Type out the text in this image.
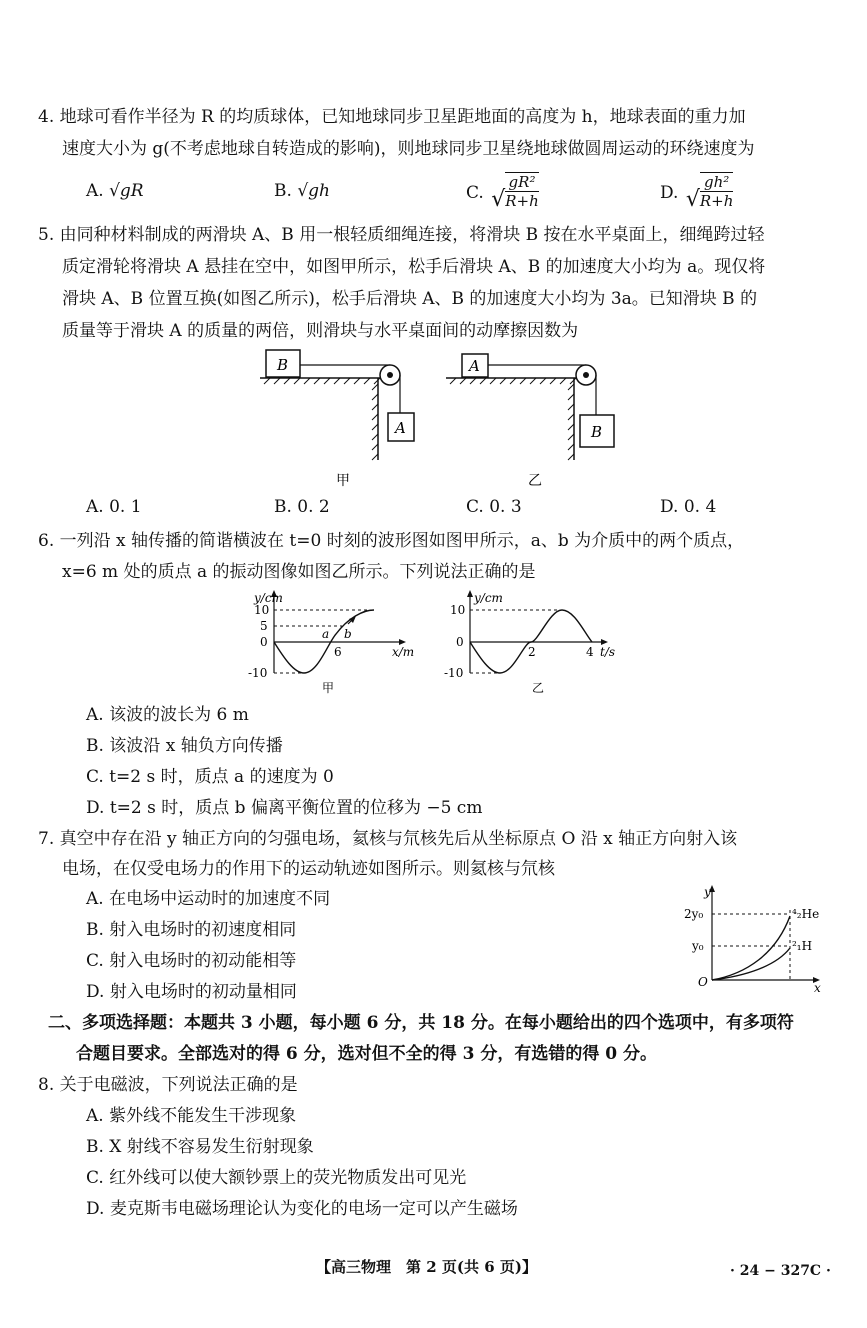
4. 地球可看作半径为 R 的均质球体，已知地球同步卫星距地面的高度为 h，地球表面的重力加
速度大小为 g(不考虑地球自转造成的影响)，则地球同步卫星绕地球做圆周运动的环绕速度为
A. √gR	B. √gh	C. √ $\frac{\text{gR²}}{R+h}$	D. √ $\frac{\text{gh²}}{R+h}$
5. 由同种材料制成的两滑块 A、B 用一根轻质细绳连接，将滑块 B 按在水平桌面上，细绳跨过轻
质定滑轮将滑块 A 悬挂在空中，如图甲所示，松手后滑块 A、B 的加速度大小均为 a。现仅将
滑块 A、B 位置互换(如图乙所示)，松手后滑块 A、B 的加速度大小均为 3a。已知滑块 B 的
质量等于滑块 A 的质量的两倍，则滑块与水平桌面间的动摩擦因数为
B
A
甲
A
B
乙
A. 0. 1	B. 0. 2	C. 0. 3	D. 0. 4
6. 一列沿 x 轴传播的简谐横波在 t=0 时刻的波形图如图甲所示，a、b 为介质中的两个质点，
x=6 m 处的质点 a 的振动图像如图乙所示。下列说法正确的是
y/cm
10
5
0
-10
6
a b
x/m
甲
y/cm
10
0
-10
2	4 t/s
乙
A. 该波的波长为 6 m
B. 该波沿 x 轴负方向传播
C. t=2 s 时，质点 a 的速度为 0
D. t=2 s 时，质点 b 偏离平衡位置的位移为 −5 cm
7. 真空中存在沿 y 轴正方向的匀强电场，氦核与氘核先后从坐标原点 O 沿 x 轴正方向射入该
电场，在仅受电场力的作用下的运动轨迹如图所示。则氦核与氘核
A. 在电场中运动时的加速度不同
B. 射入电场时的初速度相同
C. 射入电场时的初动能相等
D. 射入电场时的初动量相同
y
2y₀
y₀
O	x
⁴₂He
²₁H
二、多项选择题：本题共 3 小题，每小题 6 分，共 18 分。在每小题给出的四个选项中，有多项符
合题目要求。全部选对的得 6 分，选对但不全的得 3 分，有选错的得 0 分。
8. 关于电磁波，下列说法正确的是
A. 紫外线不能发生干涉现象
B. X 射线不容易发生衍射现象
C. 红外线可以使大额钞票上的荧光物质发出可见光
D. 麦克斯韦电磁场理论认为变化的电场一定可以产生磁场
【高三物理　第 2 页(共 6 页)】	· 24 − 327C ·
